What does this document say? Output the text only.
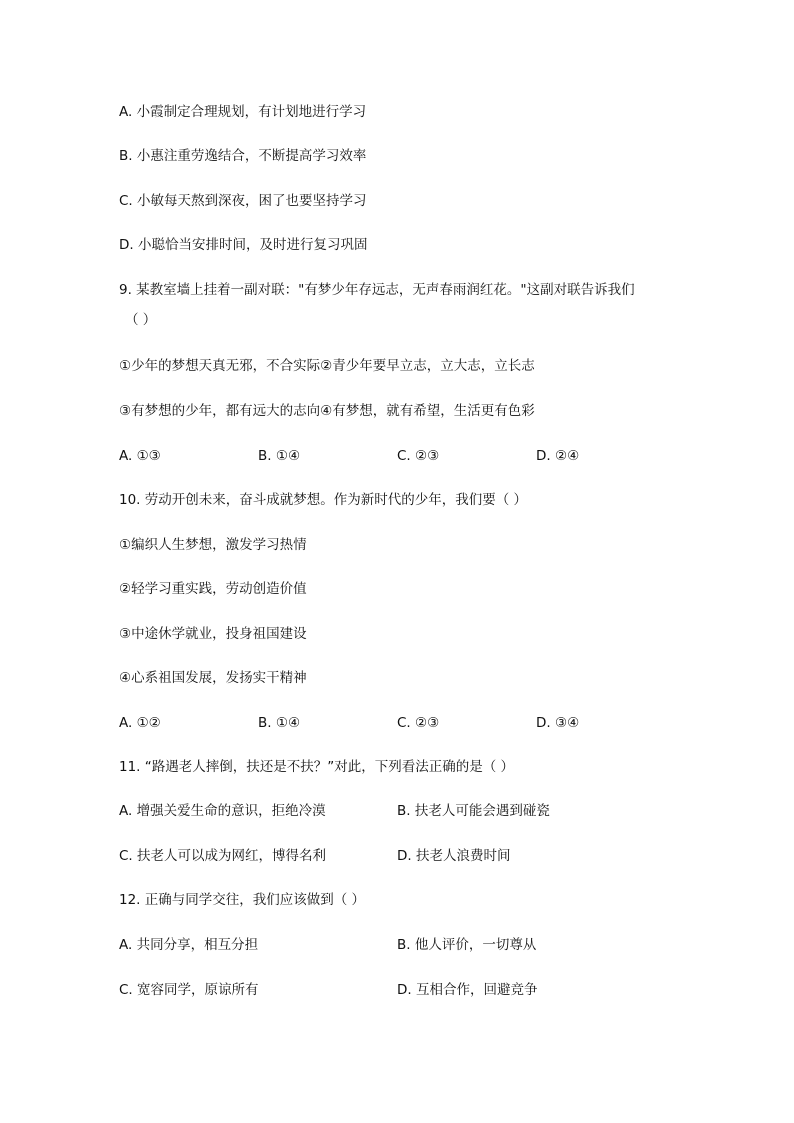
A. 小霞制定合理规划，有计划地进行学习
B. 小惠注重劳逸结合，不断提高学习效率
C. 小敏每天熬到深夜，困了也要坚持学习
D. 小聪恰当安排时间，及时进行复习巩固
9. 某教室墙上挂着一副对联："有梦少年存远志，无声春雨润红花。"这副对联告诉我们
（ ）
①少年的梦想天真无邪，不合实际②青少年要早立志，立大志，立长志
③有梦想的少年，都有远大的志向④有梦想，就有希望，生活更有色彩
A. ①③	B. ①④	C. ②③	D. ②④
10. 劳动开创未来，奋斗成就梦想。作为新时代的少年，我们要（ ）
①编织人生梦想，激发学习热情
②轻学习重实践，劳动创造价值
③中途休学就业，投身祖国建设
④心系祖国发展，发扬实干精神
A. ①②	B. ①④	C. ②③	D. ③④
11. “路遇老人摔倒，扶还是不扶？”对此，下列看法正确的是（ ）
A. 增强关爱生命的意识，拒绝冷漠	B. 扶老人可能会遇到碰瓷
C. 扶老人可以成为网红，博得名利	D. 扶老人浪费时间
12. 正确与同学交往，我们应该做到（ ）
A. 共同分享，相互分担	B. 他人评价，一切尊从
C. 宽容同学，原谅所有	D. 互相合作，回避竞争
